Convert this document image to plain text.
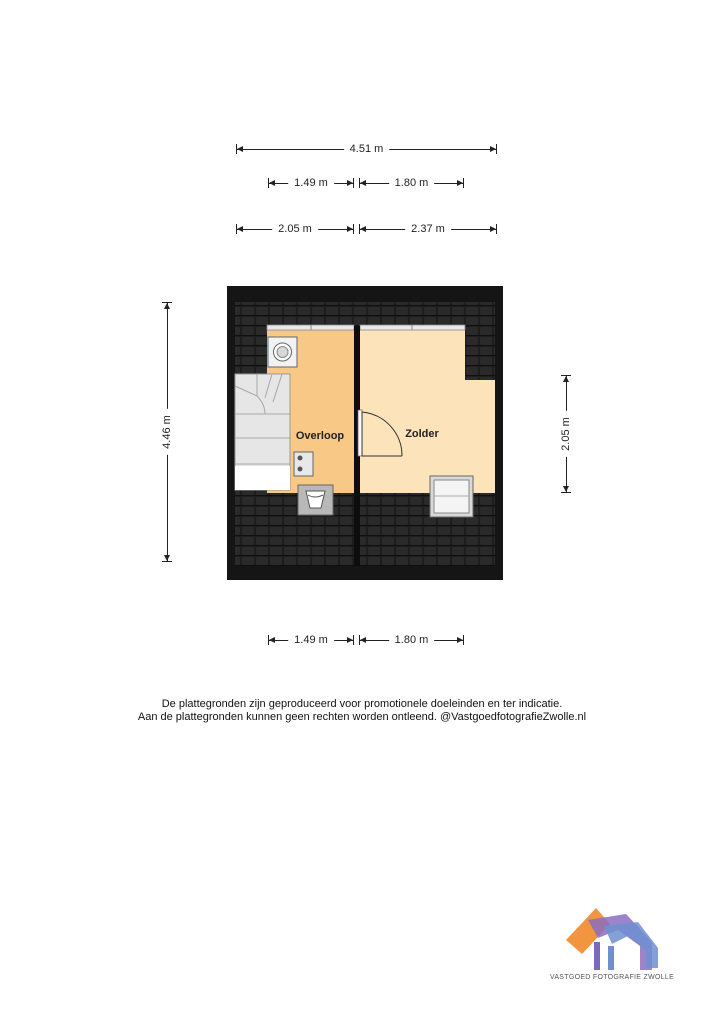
4.51 m
1.49 m	1.80 m
2.05 m	2.37 m
4.46 m	2.05 m
Overloop	Zolder
1.49 m	1.80 m
De plattegronden zijn geproduceerd voor promotionele doeleinden en ter indicatie.
Aan de plattegronden kunnen geen rechten worden ontleend. @VastgoedfotografieZwolle.nl
VASTGOED FOTOGRAFIE ZWOLLE
